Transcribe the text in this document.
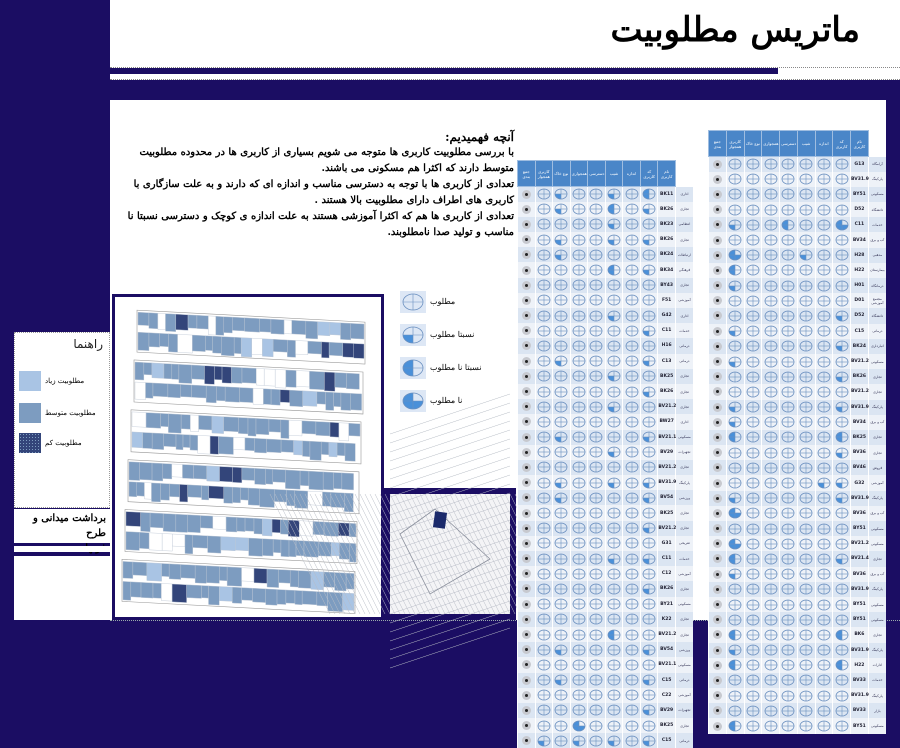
ماتریس مطلوبیت
آنچه فهمیدیم:

با بررسی مطلوبیت کاربری ها متوجه می شویم بسیاری از کاربری ها در محدوده مطلوبیت متوسط دارند که اکثرا هم مسکونی می باشند.

تعدادی از کاربری ها با توجه به دسترسی مناسب و اندازه ای که دارند و به علت سازگاری با کاربری های اطراف دارای مطلوبیت بالا هستند .

تعدادی از کاربری ها هم که اکثرا آموزشی هستند به علت اندازه ی کوچک و دسترسی نسبتا نا مناسب و تولید صدا نامطلوبند.

مطلوب
نسبتا مطلوب
نسبتا نا مطلوب
نا مطلوب
راهنما
مطلوبیت زیاد
مطلوبیت متوسط
مطلوبیت کم
برداشت میدانی و طرح
جمع بندی	کاربری همجوار	نوع خاک	همجواری	دسترسی	شیب	اندازه	کد کاربری	نام کاربری	
								BK11	اداری
								BK26	تجاری
								BK23	انتظامی
								BK26	تجاری
								BK24	ارتباطات
								BK34	فرهنگی
								BY43	تجاری
								F51	آموزشی
								G42	اداری
								C11	خدمات
								H16	درمانی
								C13	درمانی
								BK25	تجاری
								BK26	تجاری
								BV21.2	تجاری
								BW27	اداری
								BV21.1	مسکونی
								BV29	تجهیزات
								BV21.2	تجاری
								BV31.9	پارکینگ
								BV54	ورزشی
								BK25	تجاری
								BV21.2	تجاری
								G31	تفریحی
								C11	خدمات
								C12	آموزشی
								BK26	تجاری
								BY21	مسکونی
								K22	تجاری
								BV21.2	تجاری
								BV54	ورزشی
								BV21.1	مسکونی
								C15	درمانی
								C22	آموزشی
								BV29	تجهیزات
								BK25	تجاری
								C15	درمانی
جمع بندی	کاربری همجوار	نوع خاک	همجواری	دسترسی	شیب	اندازه	کد کاربری	نام کاربری	
								G13	آرامگاه
								BV31.9	پارکینگ
								BY51	مسکونی
								D52	دانشگاه
								C11	خدمات
								BV34	آب و برق
								H28	مذهبی
								H22	بیمارستان
								H01	درمانگاه
								D01	مجتمع آموزشی
								D52	دانشگاه
								C15	درمانی
								BK24	انبارداری
								BV21.2	مسکونی
								BK26	تجاری
								BV21.2	تجاری
								BV31.9	پارکینگ
								BV34	آب و برق
								BK25	تجاری
								BV36	تجاری
								BV46	فروش
								G32	آموزشی
								BV31.9	پارکینگ
								BV36	آب و برق
								BY51	مسکونی
								BV21.2	مسکونی
								BV21.4	تجاری
								BV36	آب و برق
								BV31.9	پارکینگ
								BY51	مسکونی
								BY51	مسکونی
								BK6	تجاری
								BV31.9	پارکینگ
								H22	ادارات
								BV33	خدمات
								BV31.9	پارکینگ
								BV33	بازار
								BY51	مسکونی
